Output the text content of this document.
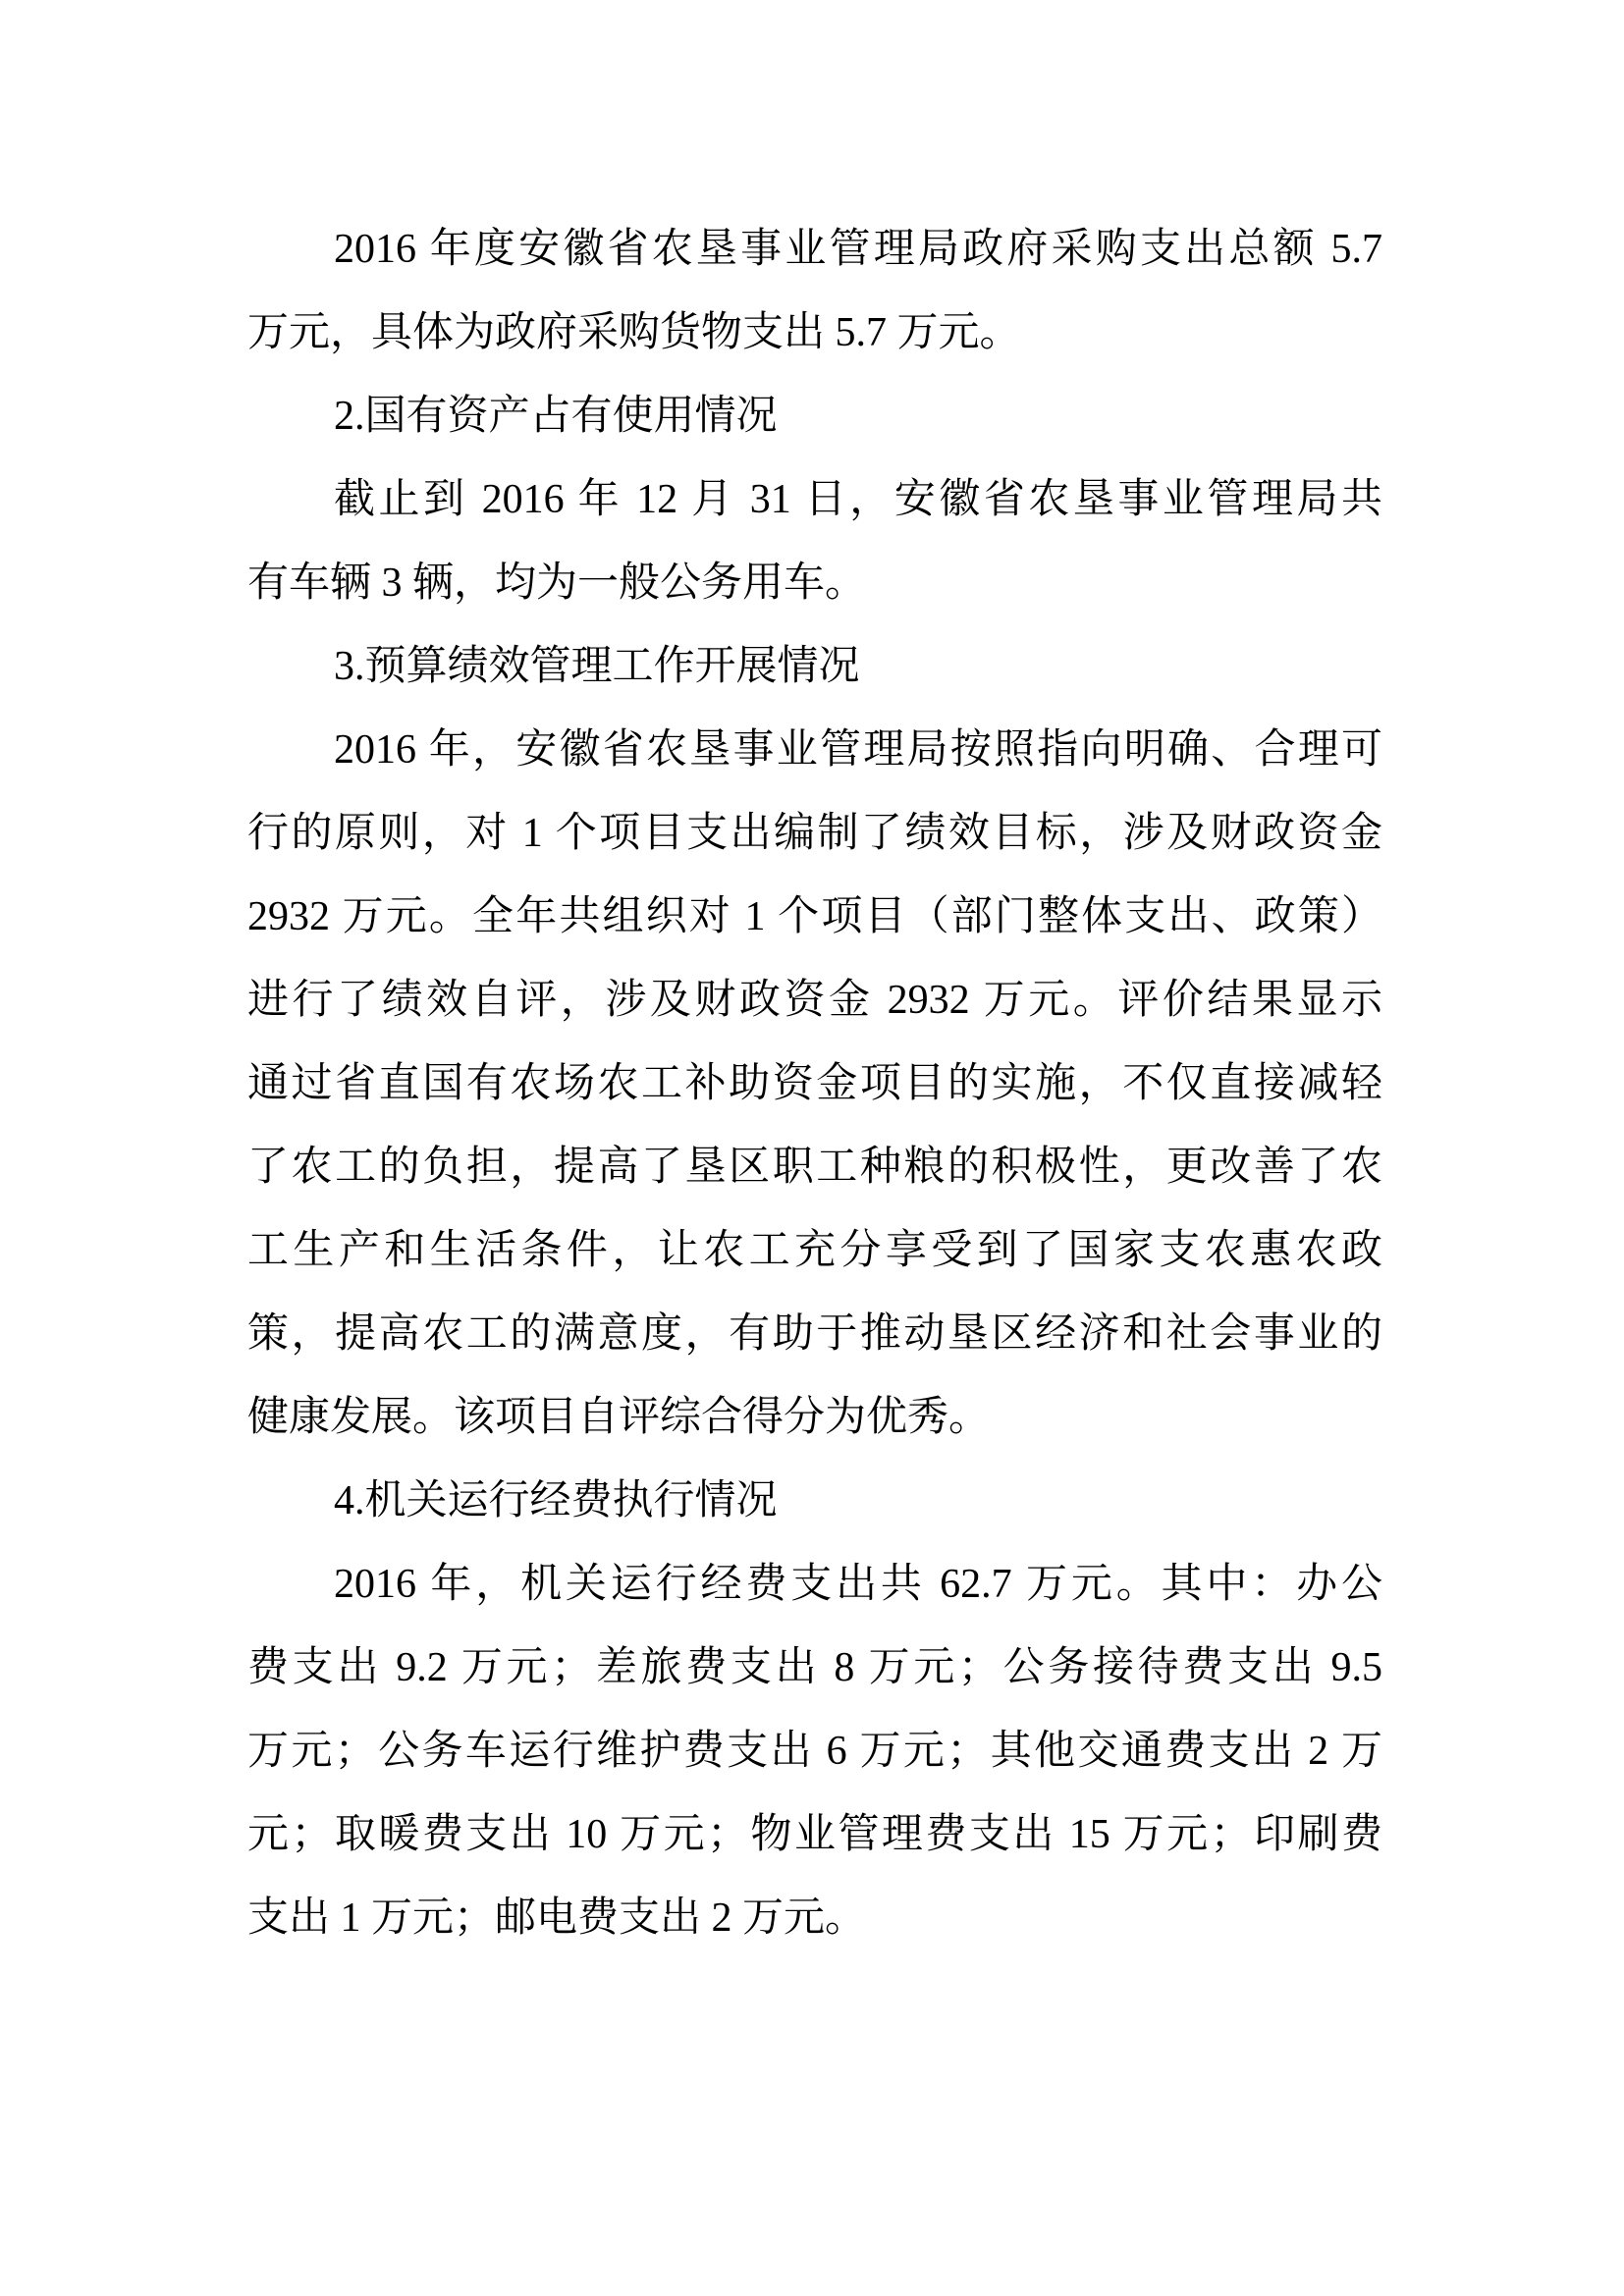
2016 年度安徽省农垦事业管理局政府采购支出总额 5.7
万元，具体为政府采购货物支出 5.7 万元。
2.国有资产占有使用情况
截止到 2016 年 12 月 31 日，安徽省农垦事业管理局共
有车辆 3 辆，均为一般公务用车。
3.预算绩效管理工作开展情况
2016 年，安徽省农垦事业管理局按照指向明确、合理可
行的原则，对 1 个项目支出编制了绩效目标，涉及财政资金
2932 万元。全年共组织对 1 个项目（部门整体支出、政策）
进行了绩效自评，涉及财政资金 2932 万元。评价结果显示
通过省直国有农场农工补助资金项目的实施，不仅直接减轻
了农工的负担，提高了垦区职工种粮的积极性，更改善了农
工生产和生活条件，让农工充分享受到了国家支农惠农政
策，提高农工的满意度，有助于推动垦区经济和社会事业的
健康发展。该项目自评综合得分为优秀。
4.机关运行经费执行情况
2016 年，机关运行经费支出共 62.7 万元。其中：办公
费支出 9.2 万元；差旅费支出 8 万元；公务接待费支出 9.5
万元；公务车运行维护费支出 6 万元；其他交通费支出 2 万
元；取暖费支出 10 万元；物业管理费支出 15 万元；印刷费
支出 1 万元；邮电费支出 2 万元。
